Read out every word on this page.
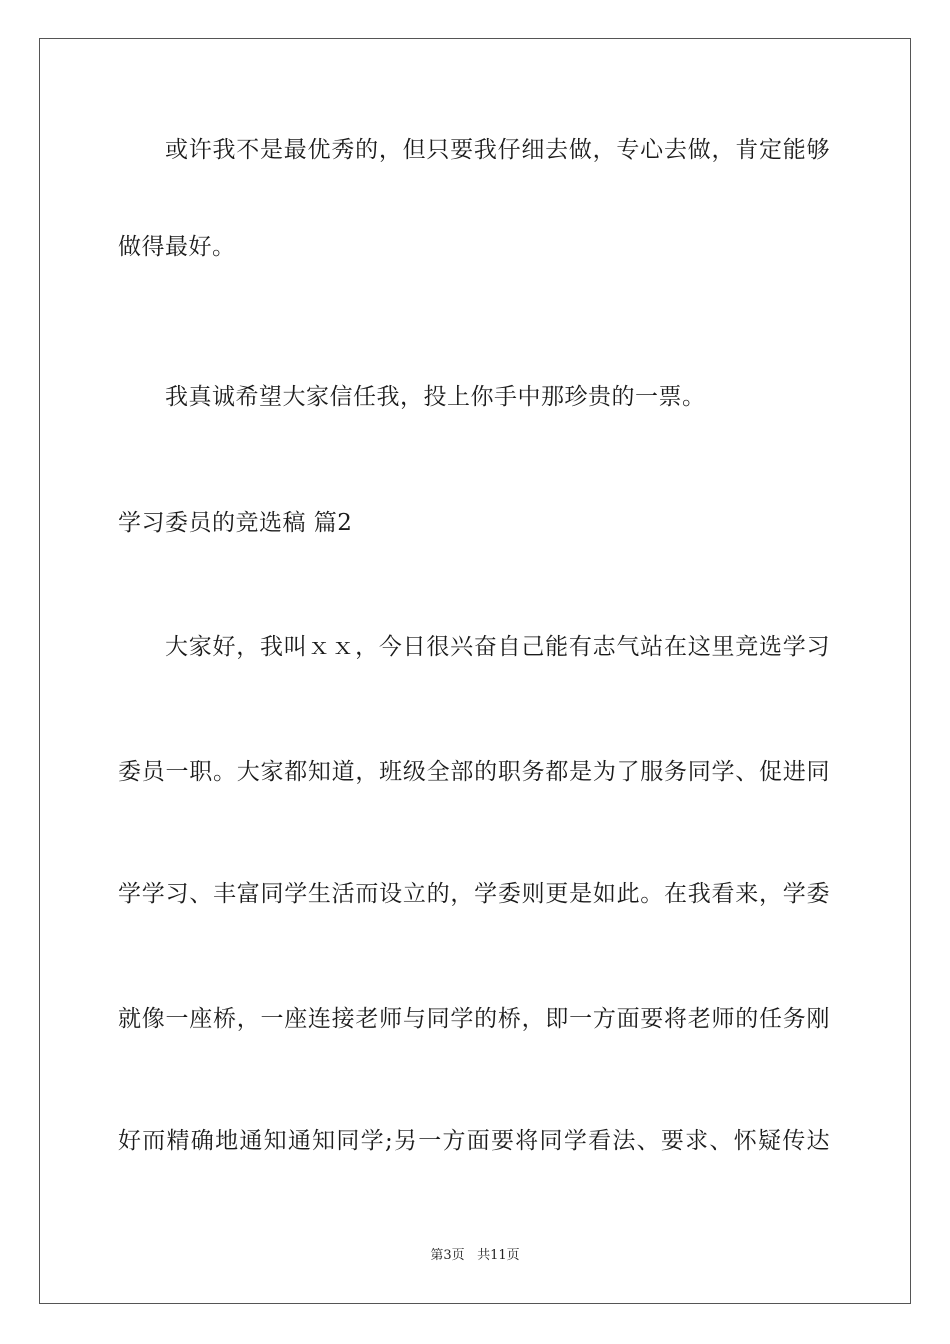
或许我不是最优秀的，但只要我仔细去做，专心去做，肯定能够
做得最好。
我真诚希望大家信任我，投上你手中那珍贵的一票。
学习委员的竞选稿 篇2
大家好，我叫ｘｘ，今日很兴奋自己能有志气站在这里竞选学习
委员一职。大家都知道，班级全部的职务都是为了服务同学、促进同
学学习、丰富同学生活而设立的，学委则更是如此。在我看来，学委
就像一座桥，一座连接老师与同学的桥，即一方面要将老师的任务刚
好而精确地通知通知同学;另一方面要将同学看法、要求、怀疑传达
第3页 共11页
